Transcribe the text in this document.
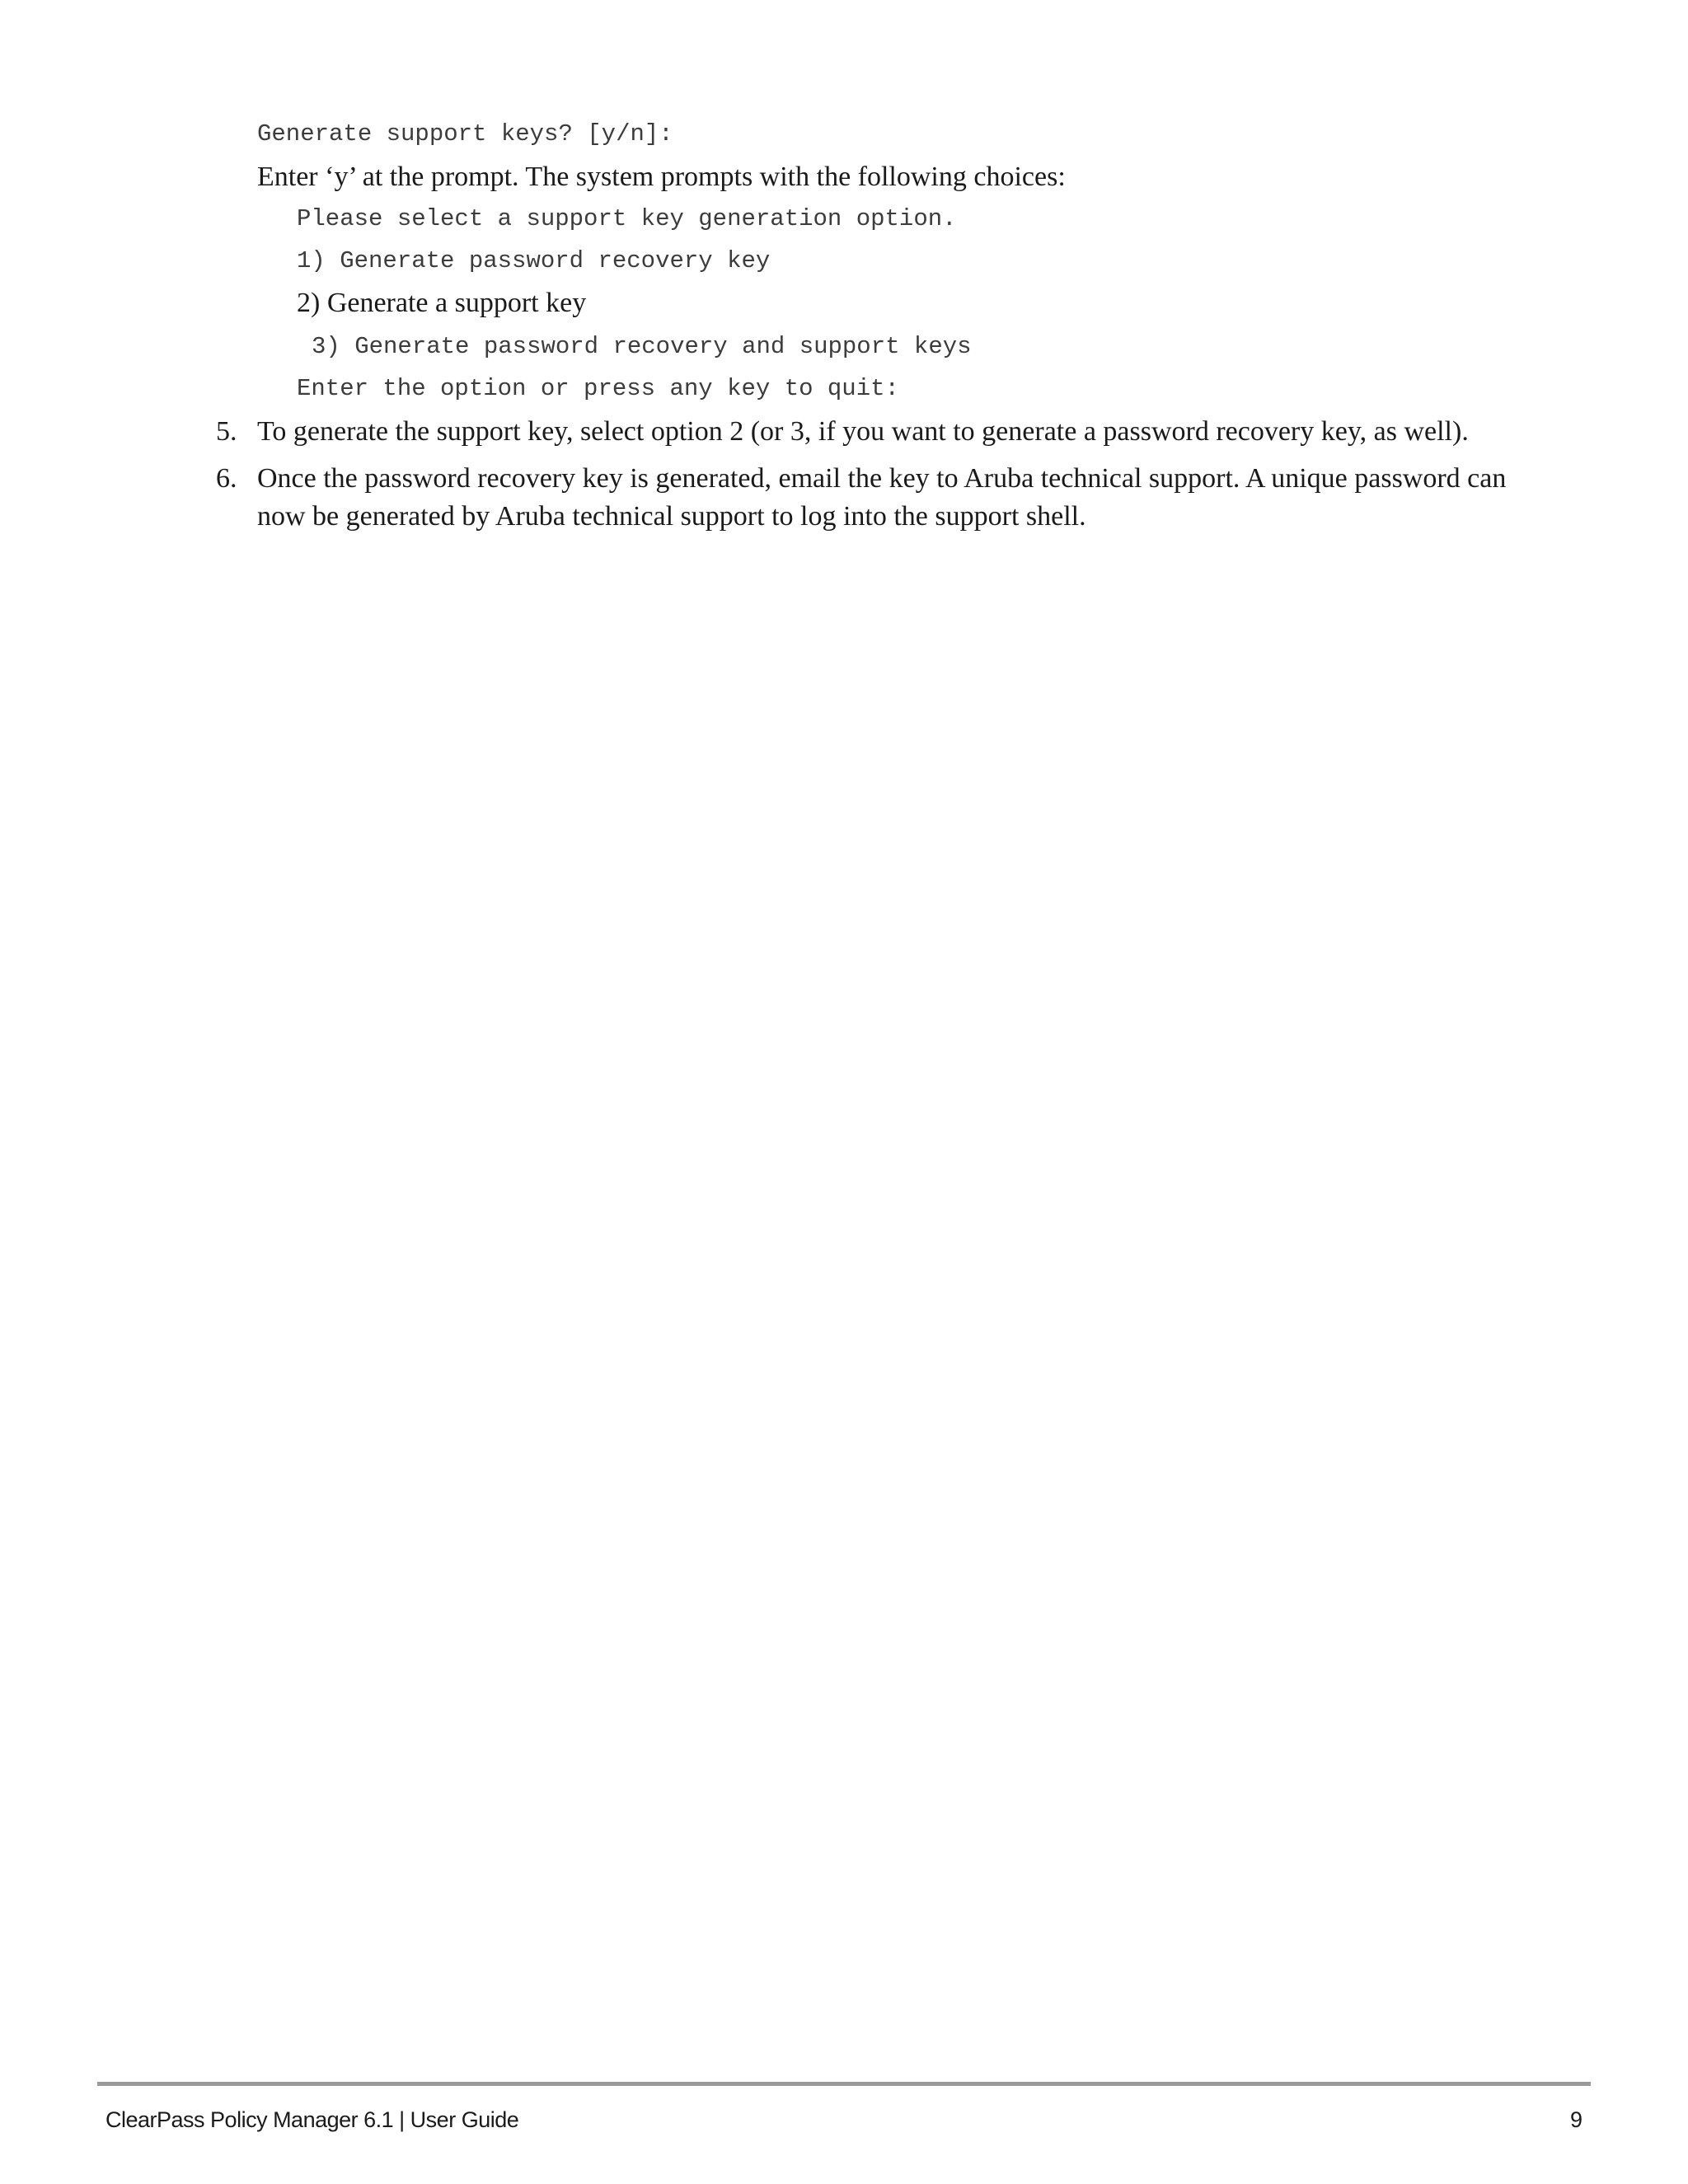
Generate support keys? [y/n]:
Enter ‘y’ at the prompt. The system prompts with the following choices:
Please select a support key generation option.
1) Generate password recovery key
2) Generate a support key
3) Generate password recovery and support keys
Enter the option or press any key to quit:
5. To generate the support key, select option 2 (or 3, if you want to generate a password recovery key, as well).
6. Once the password recovery key is generated, email the key to Aruba technical support. A unique password can now be generated by Aruba technical support to log into the support shell.
ClearPass Policy Manager 6.1 | User Guide	9
